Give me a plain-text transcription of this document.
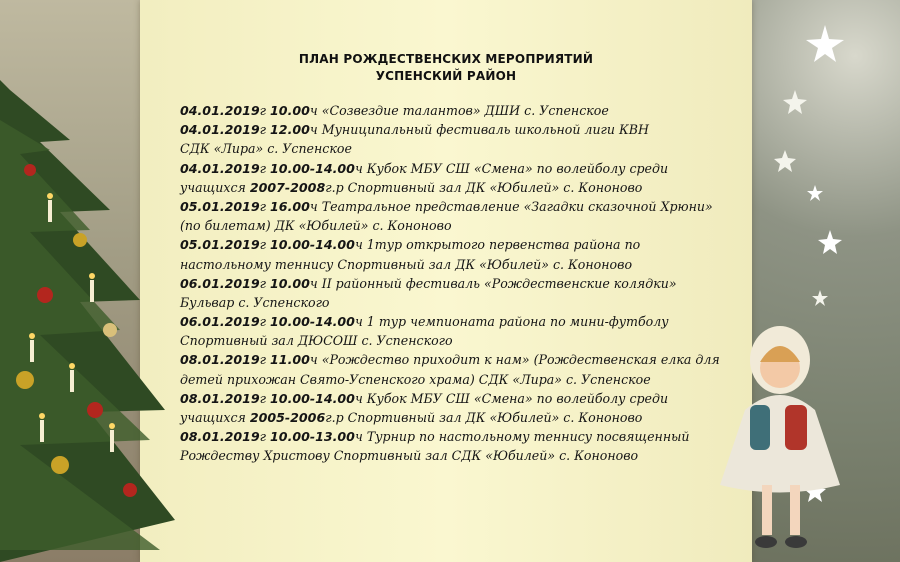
ПЛАН РОЖДЕСТВЕНСКИХ МЕРОПРИЯТИЙ
УСПЕНСКИЙ РАЙОН
04.01.2019г 10.00ч «Созвездие талантов» ДШИ с. Успенское
04.01.2019г 12.00ч Муниципальный фестиваль школьной лиги КВН
СДК «Лира» с. Успенское
04.01.2019г 10.00-14.00ч Кубок МБУ СШ «Смена» по волейболу среди
учащихся 2007-2008г.р Спортивный зал ДК «Юбилей» с. Кононово
05.01.2019г 16.00ч Театральное представление «Загадки сказочной Хрюни»
(по билетам) ДК «Юбилей» с. Кононово
05.01.2019г 10.00-14.00ч 1тур открытого первенства района по
настольному теннису Спортивный зал ДК «Юбилей» с. Кононово
06.01.2019г 10.00ч II районный фестиваль «Рождественские колядки»
Бульвар с. Успенского
06.01.2019г 10.00-14.00ч 1 тур чемпионата района по мини-футболу
Спортивный зал ДЮСОШ с. Успенского
08.01.2019г 11.00ч «Рождество приходит к нам» (Рождественская елка для
детей прихожан Свято-Успенского храма) СДК «Лира» с. Успенское
08.01.2019г 10.00-14.00ч Кубок МБУ СШ «Смена» по волейболу среди
учащихся 2005-2006г.р Спортивный зал ДК «Юбилей» с. Кононово
08.01.2019г 10.00-13.00ч Турнир по настольному теннису посвященный
Рождеству Христову Спортивный зал СДК «Юбилей» с. Кононово
